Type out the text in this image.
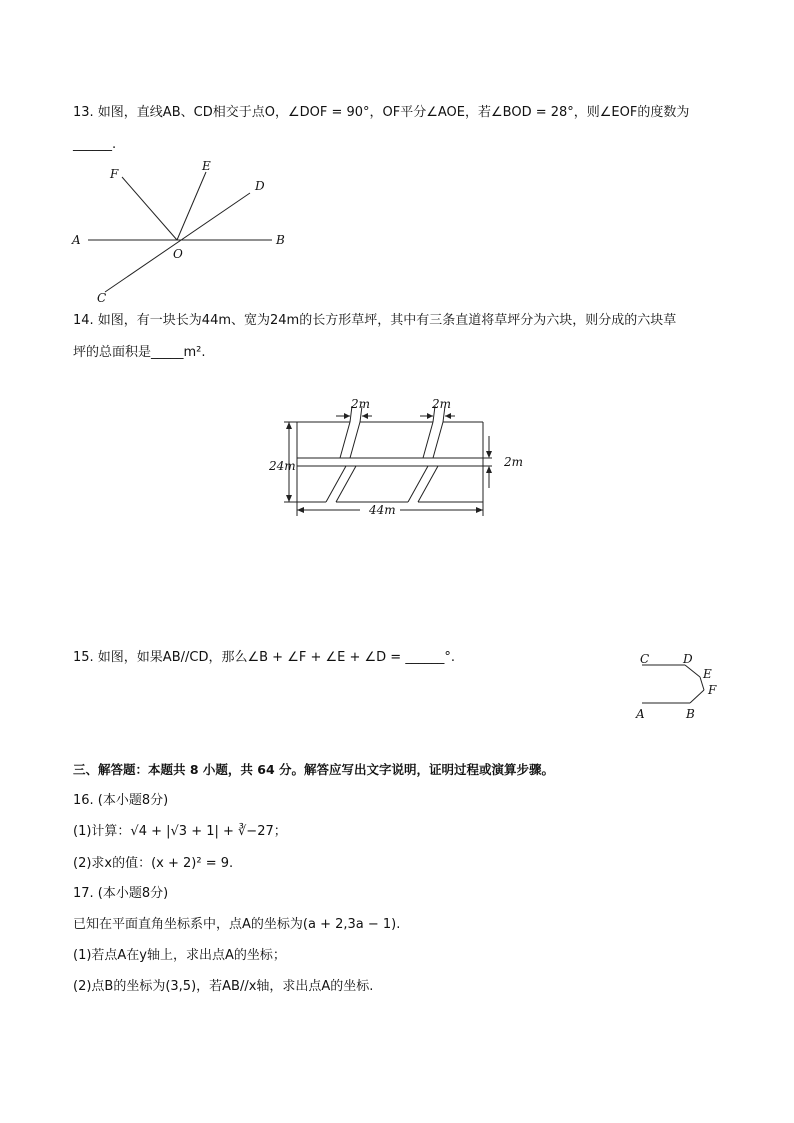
13. 如图，直线AB、CD相交于点O，∠DOF = 90°，OF平分∠AOE，若∠BOD = 28°，则∠EOF的度数为
______.
F
E
D
A
O
B
C
14. 如图，有一块长为44m、宽为24m的长方形草坪，其中有三条直道将草坪分为六块，则分成的六块草
坪的总面积是_____m².
2m	2m
2m
24m
44m
15. 如图，如果AB//CD，那么∠B + ∠F + ∠E + ∠D = ______°.	C	D
E
F
A	B
三、解答题：本题共 8 小题，共 64 分。解答应写出文字说明，证明过程或演算步骤。
16. (本小题8分)
(1)计算：√4 + |√3 + 1| + ∛−27；
(2)求x的值：(x + 2)² = 9.
17. (本小题8分)
已知在平面直角坐标系中，点A的坐标为(a + 2,3a − 1).
(1)若点A在y轴上，求出点A的坐标；
(2)点B的坐标为(3,5)，若AB//x轴，求出点A的坐标.
